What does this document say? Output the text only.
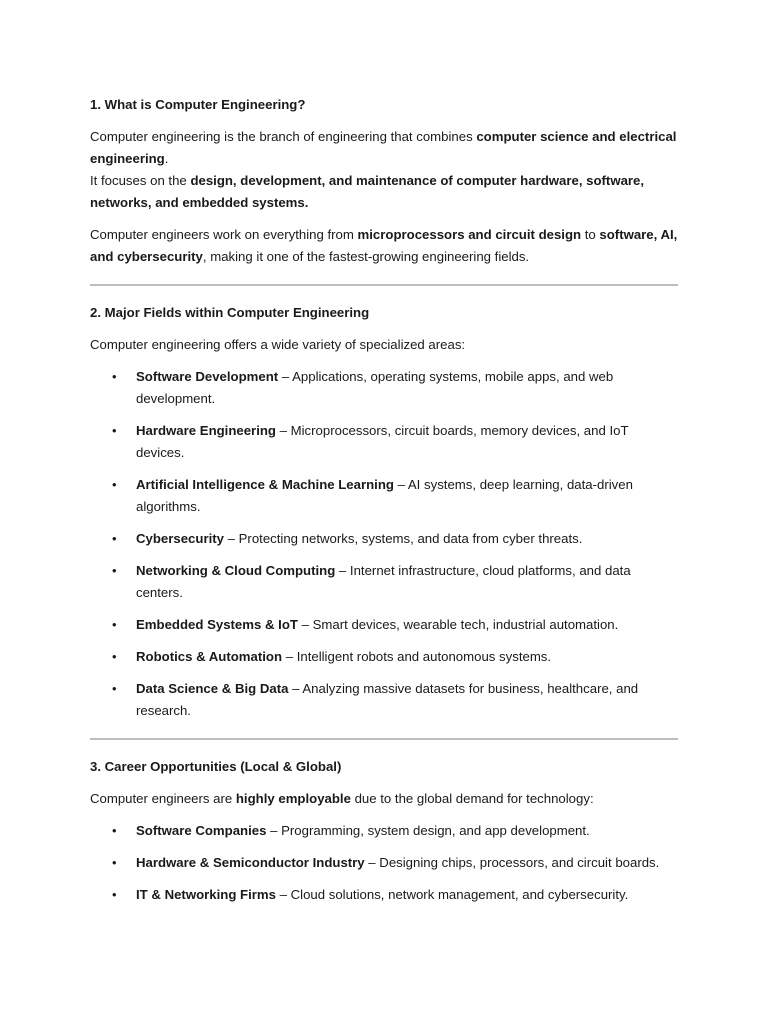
1. What is Computer Engineering?
Computer engineering is the branch of engineering that combines computer science and electrical engineering.
It focuses on the design, development, and maintenance of computer hardware, software, networks, and embedded systems.
Computer engineers work on everything from microprocessors and circuit design to software, AI, and cybersecurity, making it one of the fastest-growing engineering fields.
2. Major Fields within Computer Engineering
Computer engineering offers a wide variety of specialized areas:
• Software Development – Applications, operating systems, mobile apps, and web development.
• Hardware Engineering – Microprocessors, circuit boards, memory devices, and IoT devices.
• Artificial Intelligence & Machine Learning – AI systems, deep learning, data-driven algorithms.
• Cybersecurity – Protecting networks, systems, and data from cyber threats.
• Networking & Cloud Computing – Internet infrastructure, cloud platforms, and data centers.
• Embedded Systems & IoT – Smart devices, wearable tech, industrial automation.
• Robotics & Automation – Intelligent robots and autonomous systems.
• Data Science & Big Data – Analyzing massive datasets for business, healthcare, and research.
3. Career Opportunities (Local & Global)
Computer engineers are highly employable due to the global demand for technology:
• Software Companies – Programming, system design, and app development.
• Hardware & Semiconductor Industry – Designing chips, processors, and circuit boards.
• IT & Networking Firms – Cloud solutions, network management, and cybersecurity.
